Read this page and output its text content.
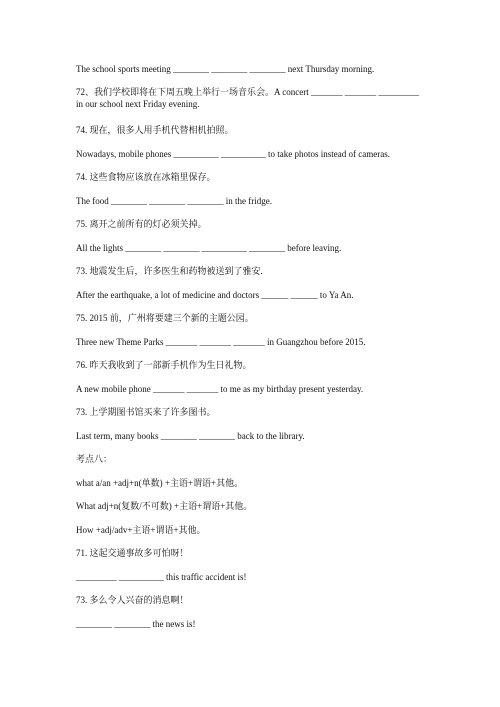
The school sports meeting ________ ________ ________ next Thursday morning.
72、我们学校即将在下周五晚上举行一场音乐会。A concert _______ _______ _________ in our school next Friday evening.
74. 现在，很多人用手机代替相机拍照。
Nowadays, mobile phones __________ __________ to take photos instead of cameras.
74. 这些食物应该放在冰箱里保存。
The food ________ ________ ________ in the fridge.
75. 离开之前所有的灯必须关掉。
All the lights ________ ________ __________ ________ before leaving.
73. 地震发生后，许多医生和药物被送到了雅安.
After the earthquake, a lot of medicine and doctors ______ ______ to Ya An.
75. 2015 前，广州将要建三个新的主题公园。
Three new Theme Parks _______ _______ _______ in Guangzhou before 2015.
76. 昨天我收到了一部新手机作为生日礼物。
A new mobile phone _______ _______ to me as my birthday present yesterday.
73. 上学期图书馆买来了许多图书。
Last term, many books ________ ________ back to the library.
考点八：
what a/an +adj+n(单数) +主语+谓语+其他。
What adj+n(复数/不可数) +主语+谓语+其他。
How +adj/adv+主语+谓语+其他。
71. 这起交通事故多可怕呀！
_________ __________ this traffic accident is!
73. 多么令人兴奋的消息啊！
________ ________ the news is!
